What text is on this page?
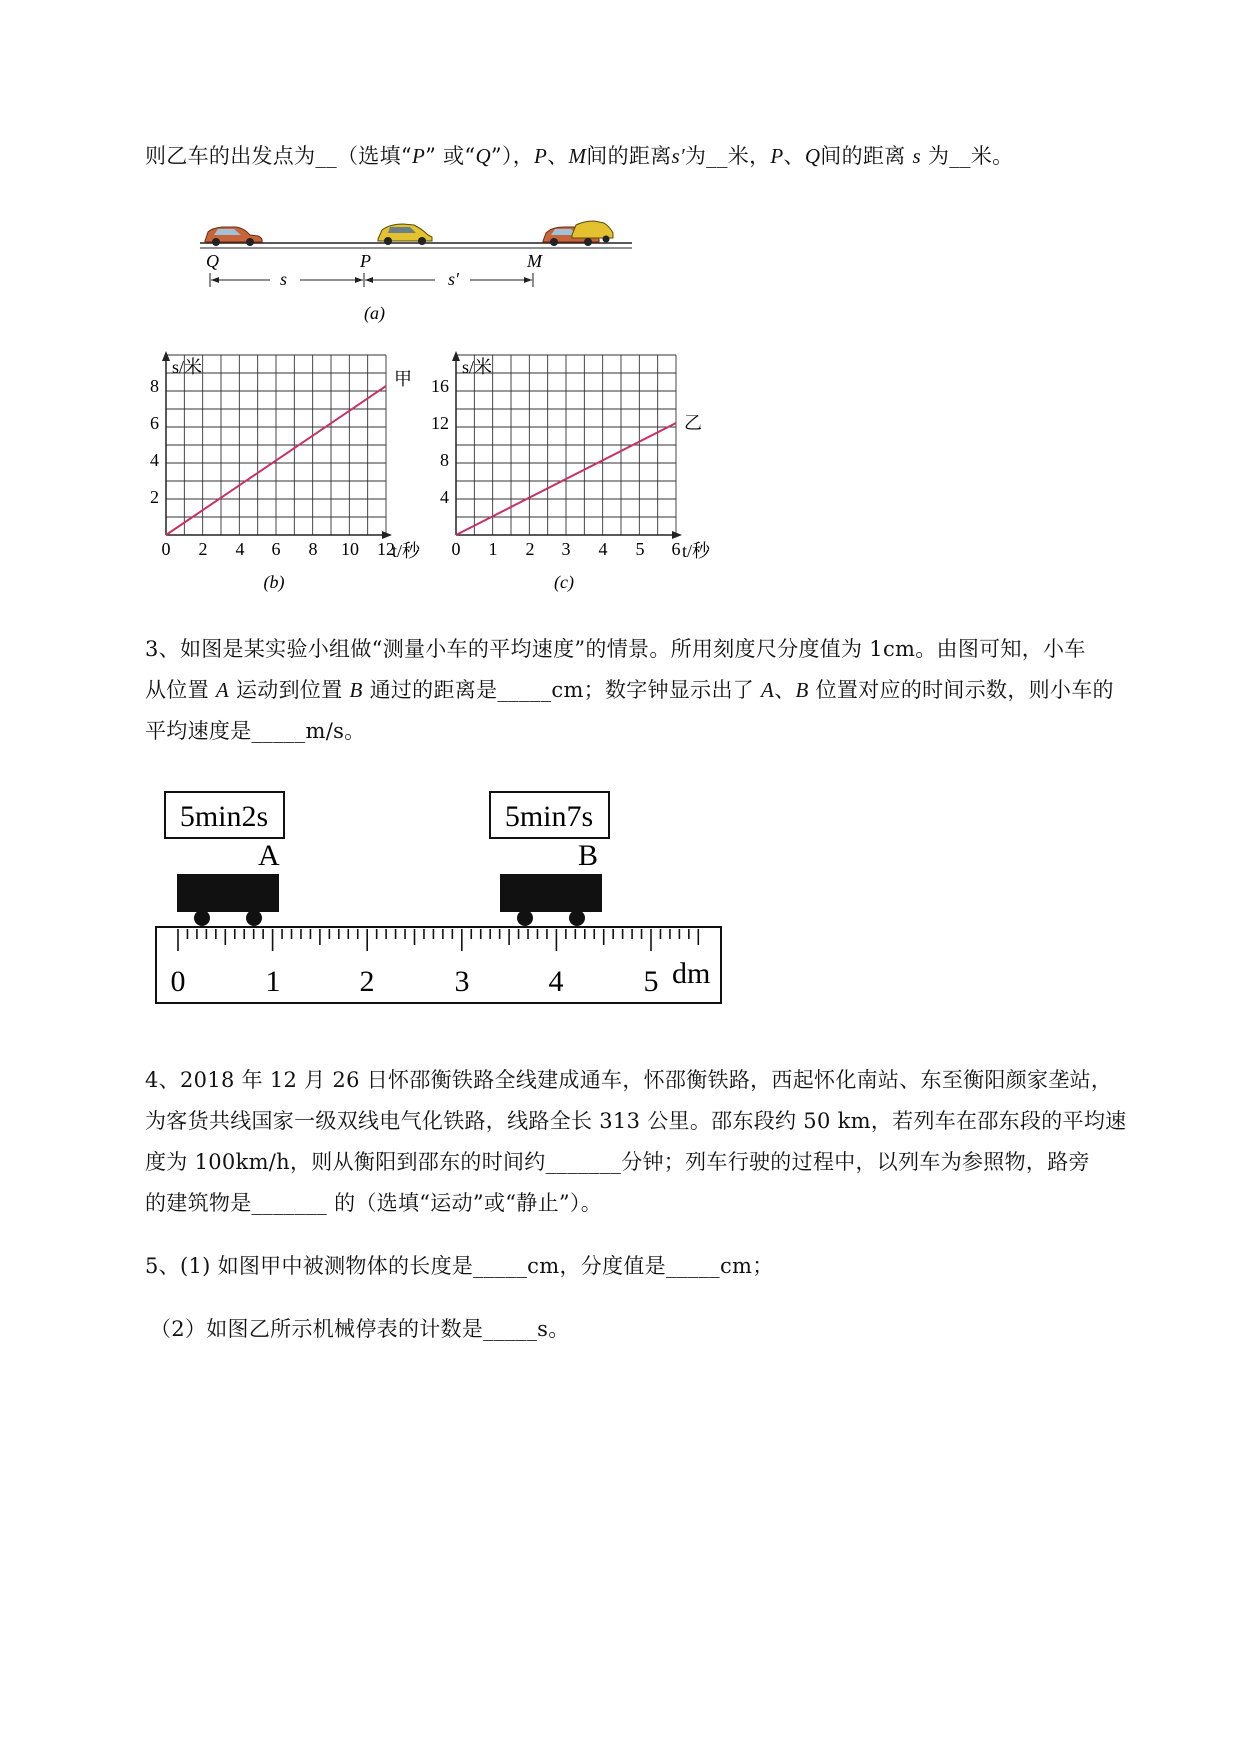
则乙车的出发点为__（选填“P” 或“Q”），P、M间的距离s′为__米，P、Q间的距离 s 为__米。
Q	P	M
s	s′
(a)
s/米
甲
t/秒
8
6
4
2
0 2 4 6 8 10 12
(b)
s/米
乙
t/秒
16
12
8
4
0 1 2 3 4 5 6
(c)
3、如图是某实验小组做“测量小车的平均速度”的情景。所用刻度尺分度值为 1cm。由图可知，小车
从位置 A 运动到位置 B 通过的距离是_____cm；数字钟显示出了 A、B 位置对应的时间示数，则小车的
平均速度是_____m/s。
5min2s	5min7s
A	B
0	1	2	3	4	5 dm
4、2018 年 12 月 26 日怀邵衡铁路全线建成通车，怀邵衡铁路，西起怀化南站、东至衡阳颜家垄站，
为客货共线国家一级双线电气化铁路，线路全长 313 公里。邵东段约 50 km，若列车在邵东段的平均速
度为 100km/h，则从衡阳到邵东的时间约_______分钟；列车行驶的过程中，以列车为参照物，路旁
的建筑物是_______ 的（选填“运动”或“静止”）。
5、(1) 如图甲中被测物体的长度是_____cm，分度值是_____cm；
（2）如图乙所示机械停表的计数是_____s。
